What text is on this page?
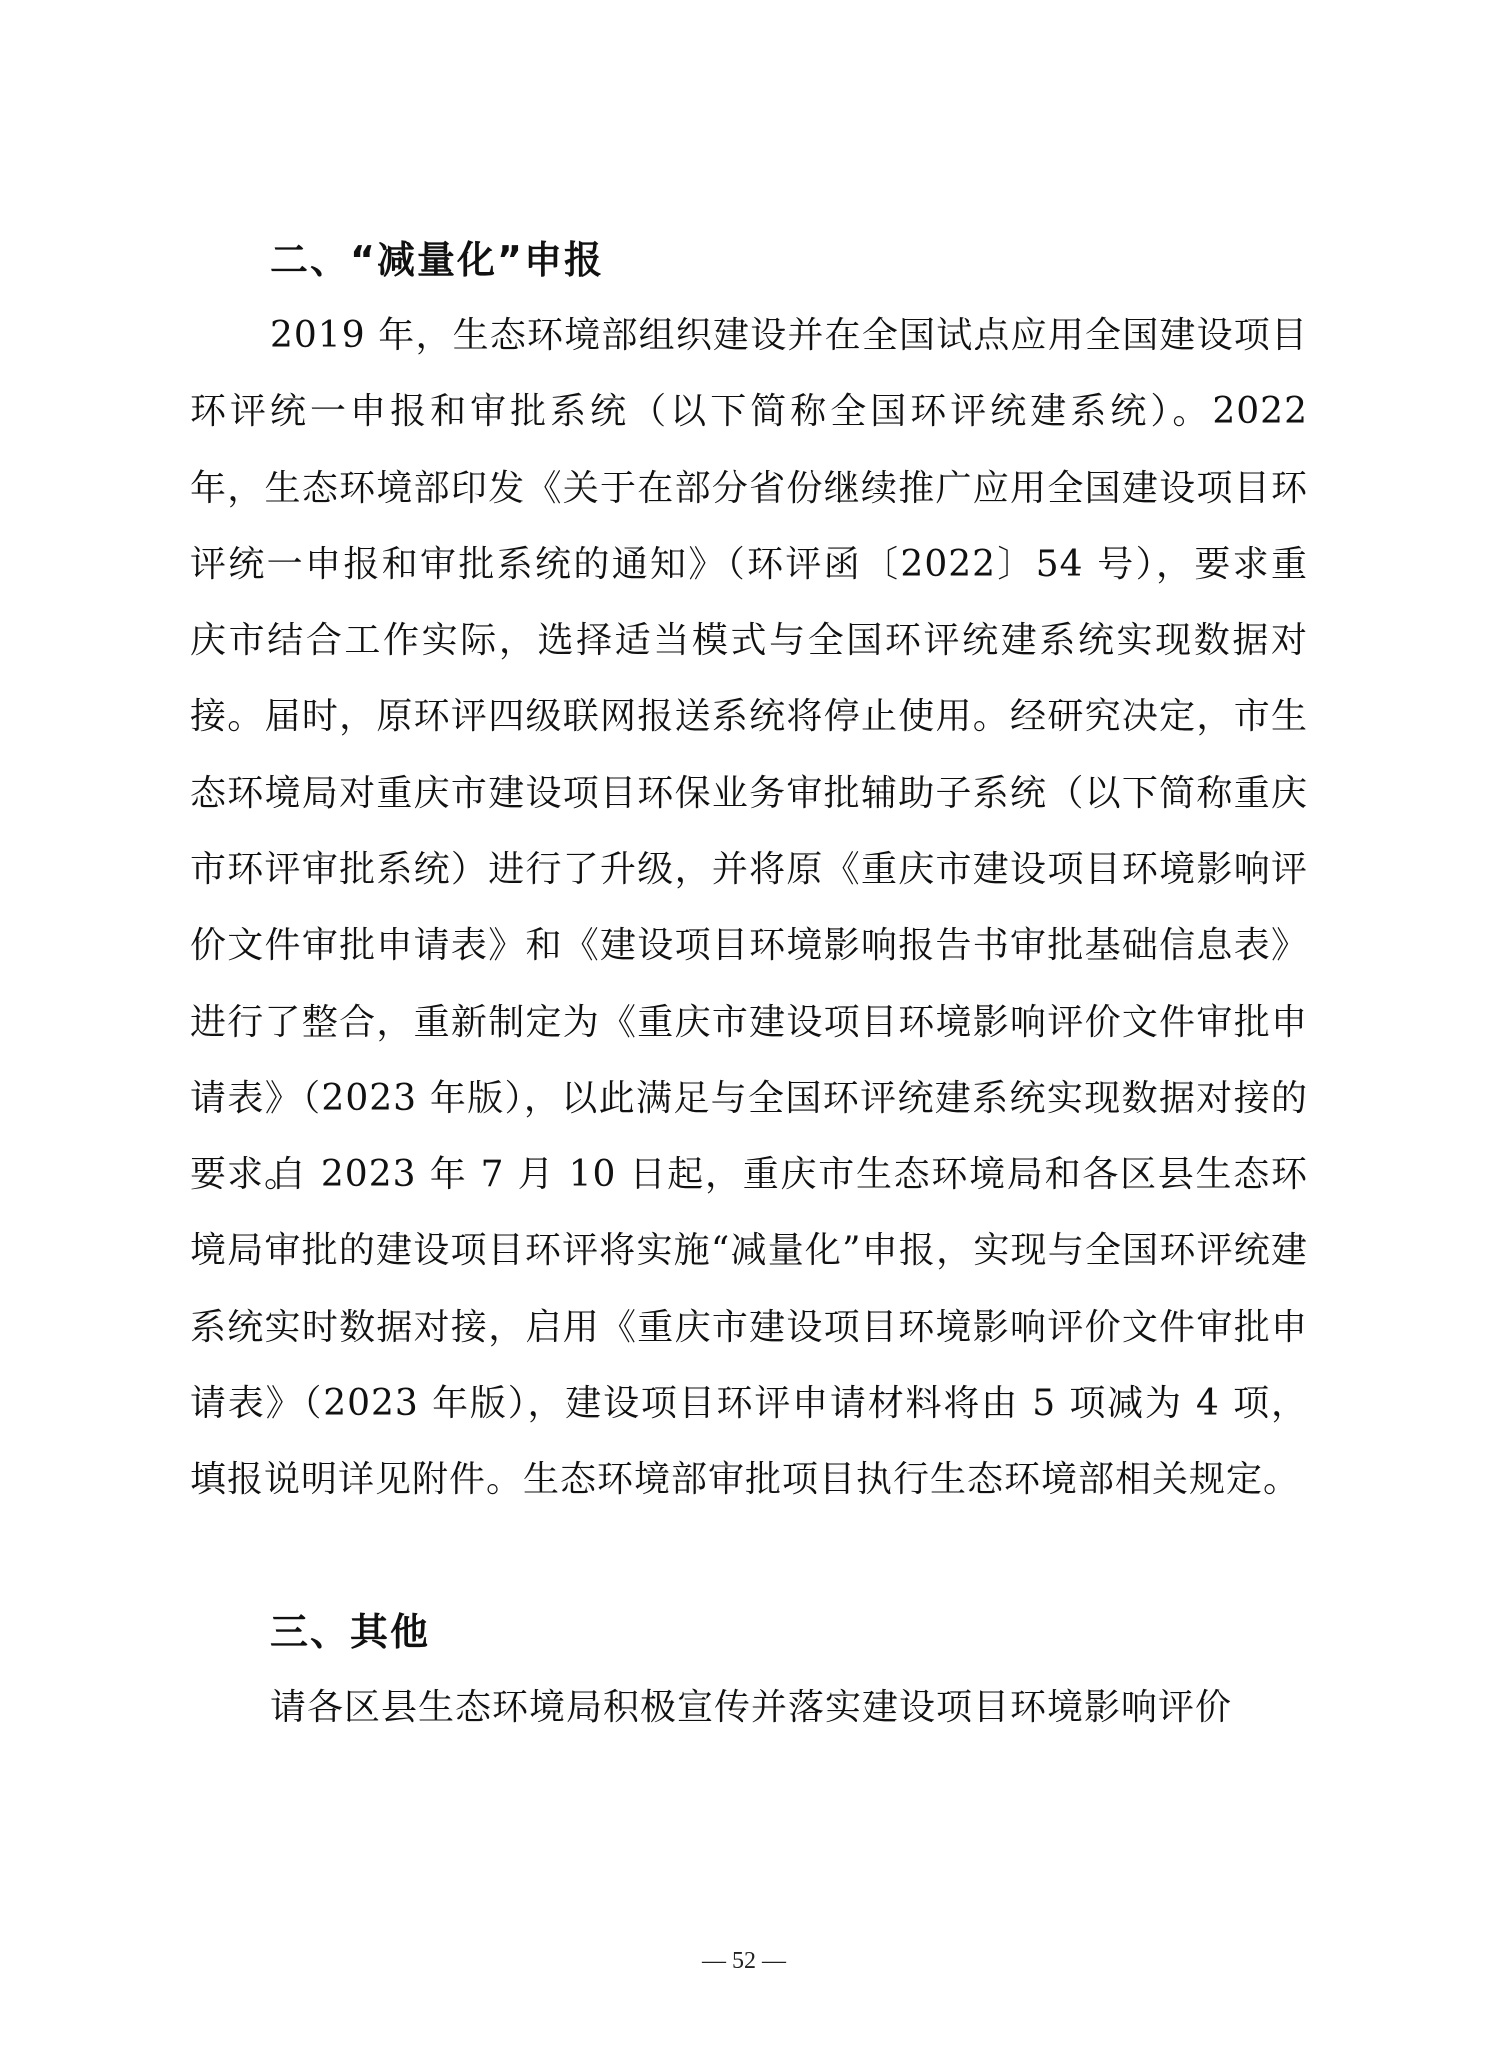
二、“减量化”申报

2019 年，生态环境部组织建设并在全国试点应用全国建设项目环评统一申报和审批系统（以下简称全国环评统建系统）。2022 年，生态环境部印发《关于在部分省份继续推广应用全国建设项目环评统一申报和审批系统的通知》（环评函〔2022〕54 号），要求重庆市结合工作实际，选择适当模式与全国环评统建系统实现数据对接。届时，原环评四级联网报送系统将停止使用。经研究决定，市生态环境局对重庆市建设项目环保业务审批辅助子系统（以下简称重庆市环评审批系统）进行了升级，并将原《重庆市建设项目环境影响评价文件审批申请表》和《建设项目环境影响报告书审批基础信息表》进行了整合，重新制定为《重庆市建设项目环境影响评价文件审批申请表》（2023 年版），以此满足与全国环评统建系统实现数据对接的要求。

自 2023 年 7 月 10 日起，重庆市生态环境局和各区县生态环境局审批的建设项目环评将实施“减量化”申报，实现与全国环评统建系统实时数据对接，启用《重庆市建设项目环境影响评价文件审批申请表》（2023 年版），建设项目环评申请材料将由 5 项减为 4 项，填报说明详见附件。生态环境部审批项目执行生态环境部相关规定。

三、其他

请各区县生态环境局积极宣传并落实建设项目环境影响评价

— 52 —
